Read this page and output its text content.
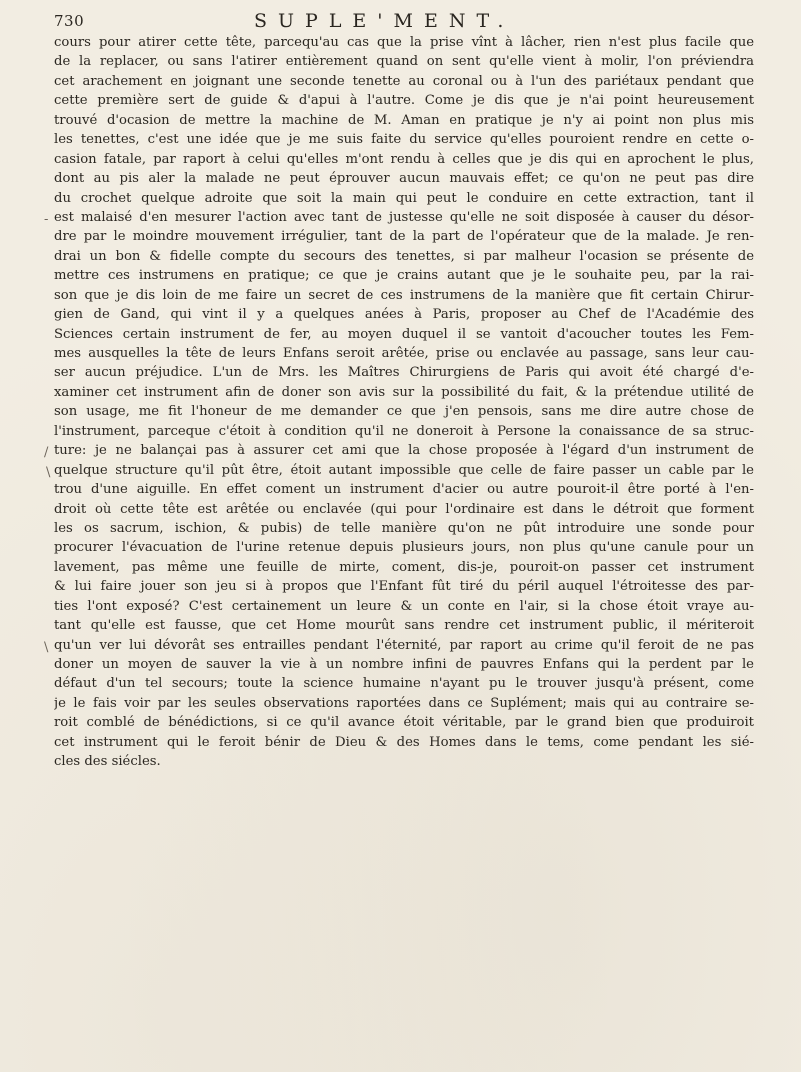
730	SUPLE'MENT.
cours pour atirer cette tête, parcequ'au cas que la prise vînt à lâcher, rien n'est plus facile que
de la replacer, ou sans l'atirer entièrement quand on sent qu'elle vient à molir, l'on préviendra
cet arachement en joignant une seconde tenette au coronal ou à l'un des pariétaux pendant que
cette première sert de guide & d'apui à l'autre. Come je dis que je n'ai point heureusement
trouvé d'ocasion de mettre la machine de M. Aman en pratique je n'y ai point non plus mis
les tenettes, c'est une idée que je me suis faite du service qu'elles pouroient rendre en cette o-
casion fatale, par raport à celui qu'elles m'ont rendu à celles que je dis qui en aprochent le plus,
dont au pis aler la malade ne peut éprouver aucun mauvais effet; ce qu'on ne peut pas dire
du crochet quelque adroite que soit la main qui peut le conduire en cette extraction, tant il
est malaisé d'en mesurer l'action avec tant de justesse qu'elle ne soit disposée à causer du désor-
dre par le moindre mouvement irrégulier, tant de la part de l'opérateur que de la malade. Je ren-
drai un bon & fidelle compte du secours des tenettes, si par malheur l'ocasion se présente de
mettre ces instrumens en pratique; ce que je crains autant que je le souhaite peu, par la rai-
son que je dis loin de me faire un secret de ces instrumens de la manière que fit certain Chirur-
gien de Gand, qui vint il y a quelques anées à Paris, proposer au Chef de l'Académie des
Sciences certain instrument de fer, au moyen duquel il se vantoit d'acoucher toutes les Fem-
mes ausquelles la tête de leurs Enfans seroit arêtée, prise ou enclavée au passage, sans leur cau-
ser aucun préjudice. L'un de Mrs. les Maîtres Chirurgiens de Paris qui avoit été chargé d'e-
xaminer cet instrument afin de doner son avis sur la possibilité du fait, & la prétendue utilité de
son usage, me fit l'honeur de me demander ce que j'en pensois, sans me dire autre chose de
l'instrument, parceque c'étoit à condition qu'il ne doneroit à Persone la conaissance de sa struc-
ture: je ne balançai pas à assurer cet ami que la chose proposée à l'égard d'un instrument de
quelque structure qu'il pût être, étoit autant impossible que celle de faire passer un cable par le
trou d'une aiguille. En effet coment un instrument d'acier ou autre pouroit-il être porté à l'en-
droit où cette tête est arêtée ou enclavée (qui pour l'ordinaire est dans le détroit que forment
les os sacrum, ischion, & pubis) de telle manière qu'on ne pût introduire une sonde pour
procurer l'évacuation de l'urine retenue depuis plusieurs jours, non plus qu'une canule pour un
lavement, pas même une feuille de mirte, coment, dis-je, pouroit-on passer cet instrument
& lui faire jouer son jeu si à propos que l'Enfant fût tiré du péril auquel l'étroitesse des par-
ties l'ont exposé? C'est certainement un leure & un conte en l'air, si la chose étoit vraye au-
tant qu'elle est fausse, que cet Home mourût sans rendre cet instrument public, il mériteroit
qu'un ver lui dévorât ses entrailles pendant l'éternité, par raport au crime qu'il feroit de ne pas
doner un moyen de sauver la vie à un nombre infini de pauvres Enfans qui la perdent par le
défaut d'un tel secours; toute la science humaine n'ayant pu le trouver jusqu'à présent, come
je le fais voir par les seules observations raportées dans ce Suplément; mais qui au contraire se-
roit comblé de bénédictions, si ce qu'il avance étoit véritable, par le grand bien que produiroit
cet instrument qui le feroit bénir de Dieu & des Homes dans le tems, come pendant les sié-
cles des siécles.
-
/
\
\
